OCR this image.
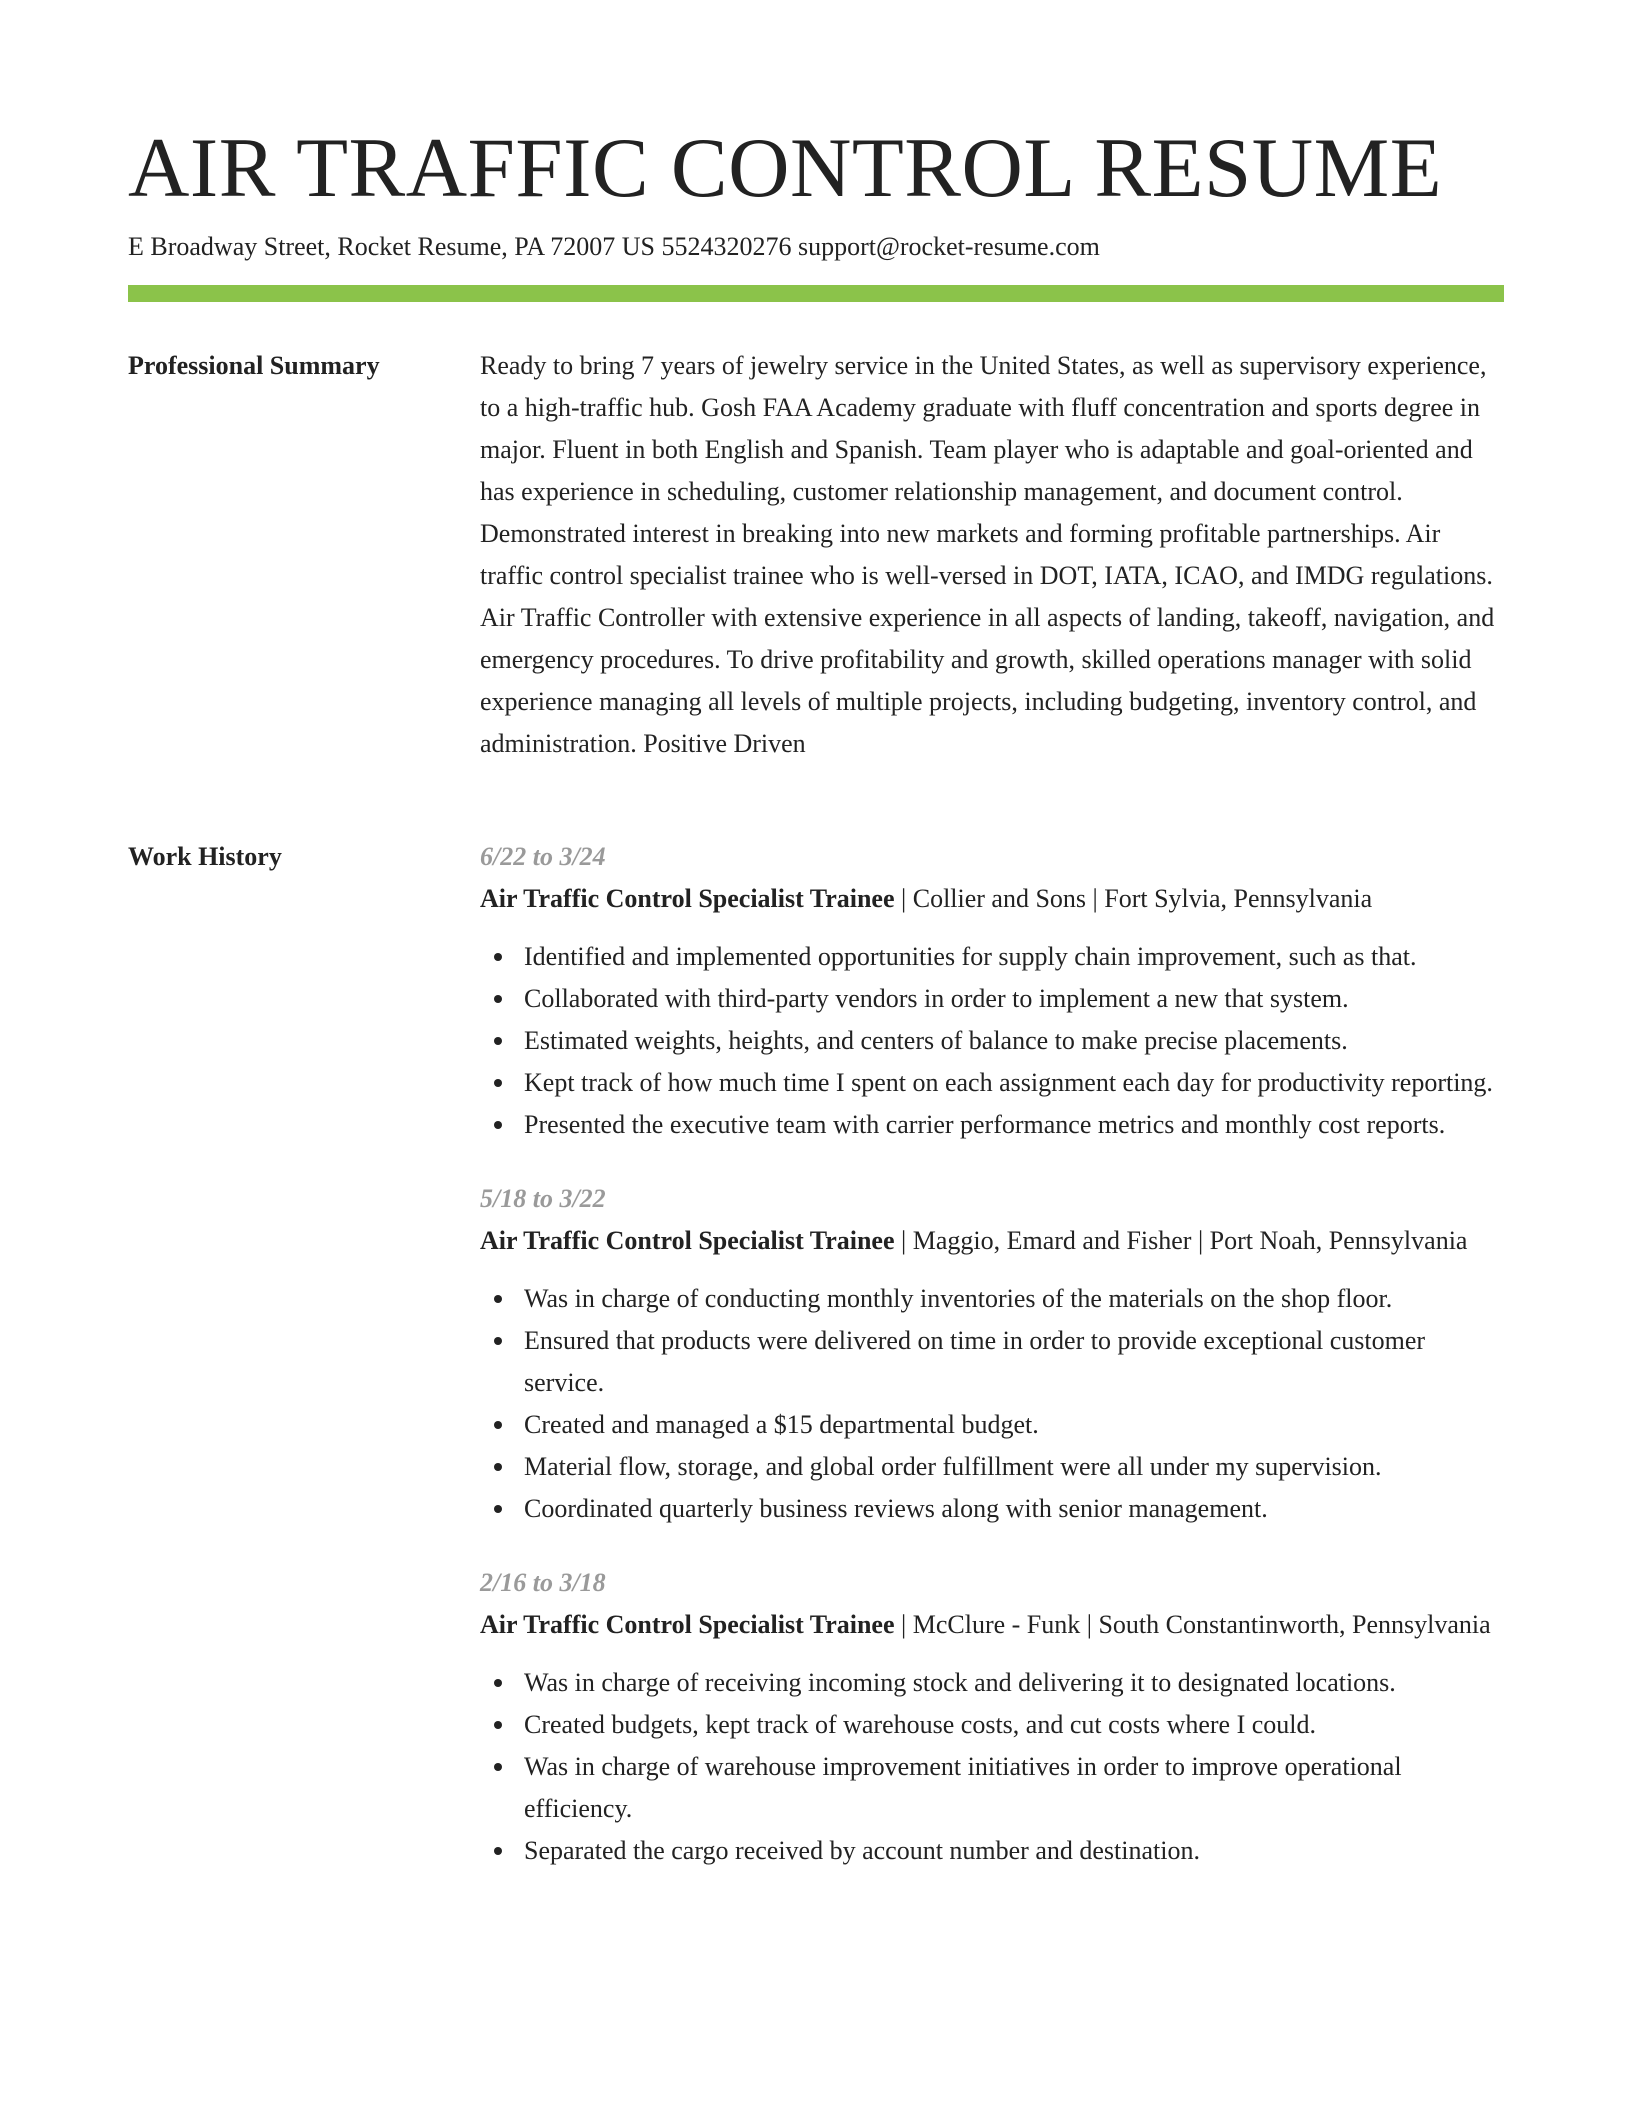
AIR TRAFFIC CONTROL RESUME
E Broadway Street, Rocket Resume, PA 72007 US 5524320276 support@rocket-resume.com
Professional Summary	Ready to bring 7 years of jewelry service in the United States, as well as supervisory experience, to a high-traffic hub. Gosh FAA Academy graduate with fluff concentration and sports degree in major. Fluent in both English and Spanish. Team player who is adaptable and goal-oriented and has experience in scheduling, customer relationship management, and document control. Demonstrated interest in breaking into new markets and forming profitable partnerships. Air traffic control specialist trainee who is well-versed in DOT, IATA, ICAO, and IMDG regulations. Air Traffic Controller with extensive experience in all aspects of landing, takeoff, navigation, and emergency procedures. To drive profitability and growth, skilled operations manager with solid experience managing all levels of multiple projects, including budgeting, inventory control, and administration. Positive Driven

Work History	6/22 to 3/24
Air Traffic Control Specialist Trainee | Collier and Sons | Fort Sylvia, Pennsylvania
Identified and implemented opportunities for supply chain improvement, such as that.
Collaborated with third-party vendors in order to implement a new that system.
Estimated weights, heights, and centers of balance to make precise placements.
Kept track of how much time I spent on each assignment each day for productivity reporting.
Presented the executive team with carrier performance metrics and monthly cost reports.
5/18 to 3/22
Air Traffic Control Specialist Trainee | Maggio, Emard and Fisher | Port Noah, Pennsylvania
Was in charge of conducting monthly inventories of the materials on the shop floor.
Ensured that products were delivered on time in order to provide exceptional customer service.
Created and managed a $15 departmental budget.
Material flow, storage, and global order fulfillment were all under my supervision.
Coordinated quarterly business reviews along with senior management.
2/16 to 3/18
Air Traffic Control Specialist Trainee | McClure - Funk | South Constantinworth, Pennsylvania
Was in charge of receiving incoming stock and delivering it to designated locations.
Created budgets, kept track of warehouse costs, and cut costs where I could.
Was in charge of warehouse improvement initiatives in order to improve operational efficiency.
Separated the cargo received by account number and destination.
